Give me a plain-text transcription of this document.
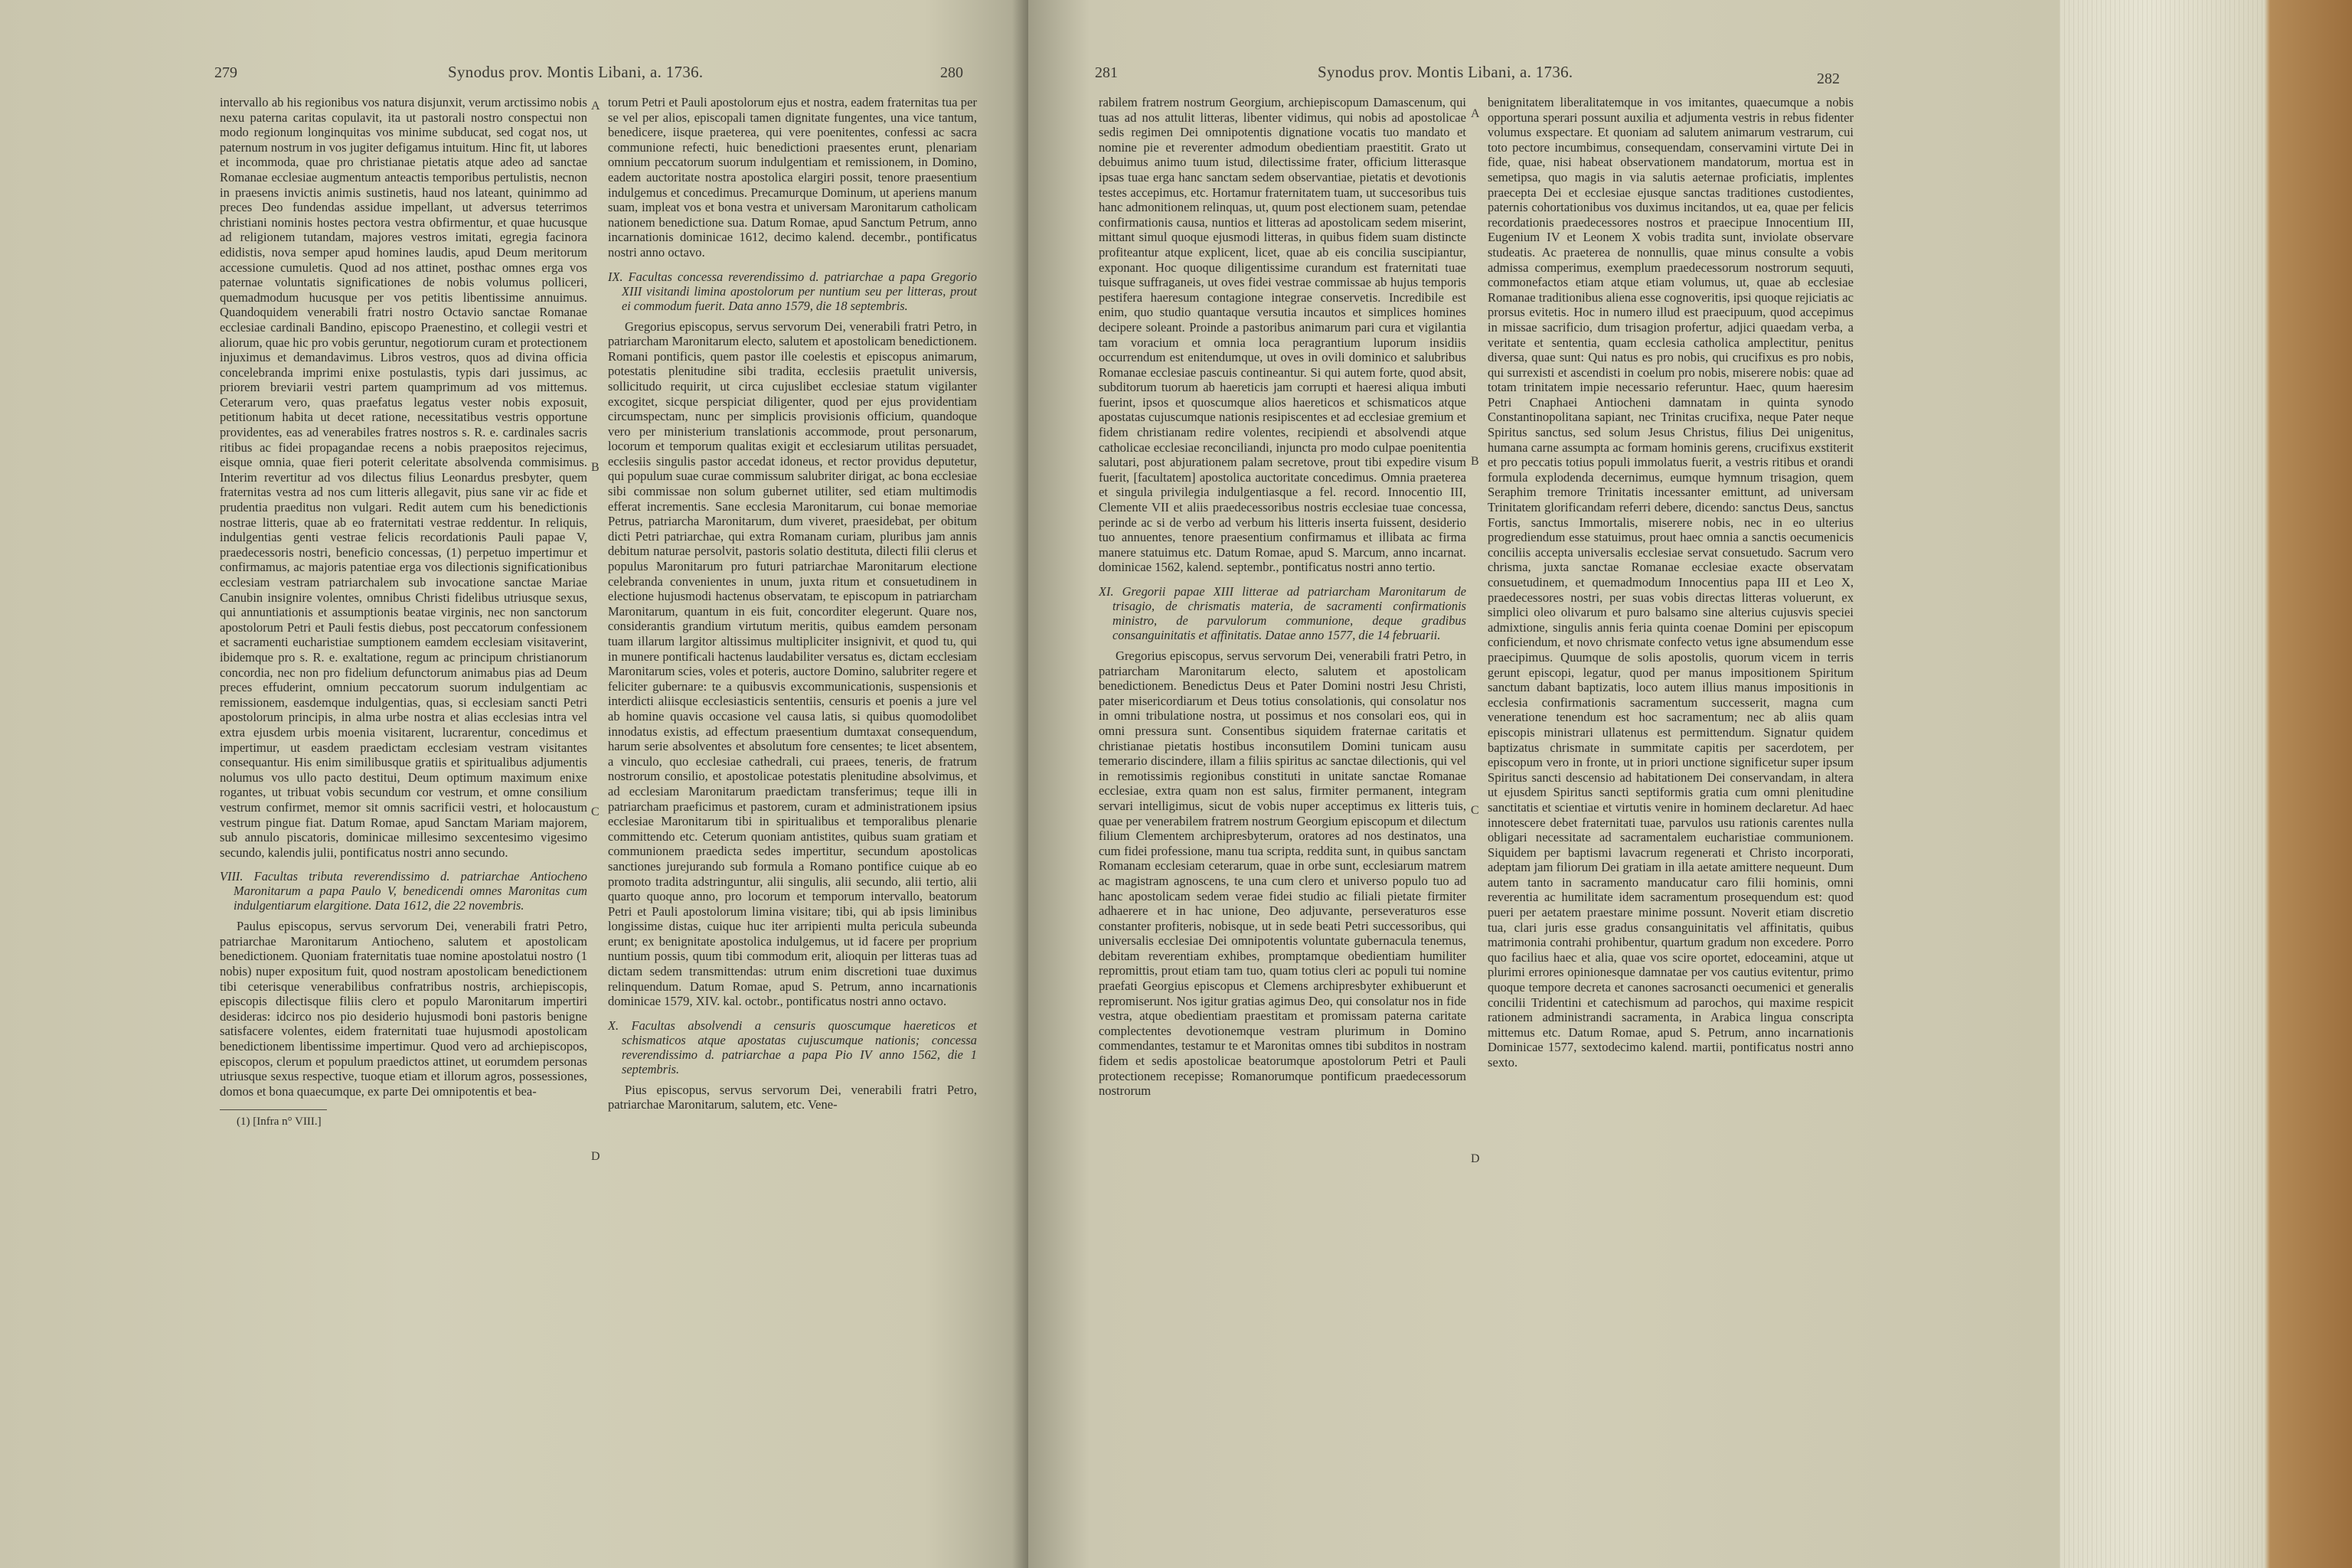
279	Synodus prov. Montis Libani, a. 1736.	280

intervallo ab his regionibus vos natura disjunxit, verum arctissimo nobis nexu paterna caritas copulavit, ita ut pastorali nostro conspectui non modo regionum longinquitas vos minime subducat, sed cogat nos, ut paternum nostrum in vos jugiter defigamus intuitum. Hinc fit, ut labores et incommoda, quae pro christianae pietatis atque adeo ad sanctae Romanae ecclesiae augmentum anteactis temporibus pertulistis, necnon in praesens invictis animis sustinetis, haud nos lateant, quinimmo ad preces Deo fundendas assidue impellant, ut adversus teterrimos christiani nominis hostes pectora vestra obfirmentur, et quae hucusque ad religionem tutandam, majores vestros imitati, egregia facinora edidistis, nova semper apud homines laudis, apud Deum meritorum accessione cumuletis. Quod ad nos attinet, posthac omnes erga vos paternae voluntatis significationes de nobis volumus polliceri, quemadmodum hucusque per vos petitis libentissime annuimus. Quandoquidem venerabili fratri nostro Octavio sanctae Romanae ecclesiae cardinali Bandino, episcopo Praenestino, et collegii vestri et aliorum, quae hic pro vobis geruntur, negotiorum curam et protectionem injuximus et demandavimus. Libros vestros, quos ad divina officia concelebranda imprimi enixe postulastis, typis dari jussimus, ac priorem breviarii vestri partem quamprimum ad vos mittemus. Ceterarum vero, quas praefatus legatus vester nobis exposuit, petitionum habita ut decet ratione, necessitatibus vestris opportune providentes, eas ad venerabiles fratres nostros s. R. e. cardinales sacris ritibus ac fidei propagandae recens a nobis praepositos rejecimus, eisque omnia, quae fieri poterit celeritate absolvenda commisimus. Interim revertitur ad vos dilectus filius Leonardus presbyter, quem fraternitas vestra ad nos cum litteris allegavit, pius sane vir ac fide et prudentia praeditus non vulgari. Redit autem cum his benedictionis nostrae litteris, quae ab eo fraternitati vestrae reddentur. In reliquis, indulgentias genti vestrae felicis recordationis Pauli papae V, praedecessoris nostri, beneficio concessas, (1) perpetuo impertimur et confirmamus, ac majoris patentiae erga vos dilectionis significationibus ecclesiam vestram patriarchalem sub invocatione sanctae Mariae Canubin insignire volentes, omnibus Christi fidelibus utriusque sexus, qui annuntiationis et assumptionis beatae virginis, nec non sanctorum apostolorum Petri et Pauli festis diebus, post peccatorum confessionem et sacramenti eucharistiae sumptionem eamdem ecclesiam visitaverint, ibidemque pro s. R. e. exaltatione, regum ac principum christianorum concordia, nec non pro fidelium defunctorum animabus pias ad Deum preces effuderint, omnium peccatorum suorum indulgentiam ac remissionem, easdemque indulgentias, quas, si ecclesiam sancti Petri apostolorum principis, in alma urbe nostra et alias ecclesias intra vel extra ejusdem urbis moenia visitarent, lucrarentur, concedimus et impertimur, ut easdem praedictam ecclesiam vestram visitantes consequantur. His enim similibusque gratiis et spiritualibus adjumentis nolumus vos ullo pacto destitui, Deum optimum maximum enixe rogantes, ut tribuat vobis secundum cor vestrum, et omne consilium vestrum confirmet, memor sit omnis sacrificii vestri, et holocaustum vestrum pingue fiat. Datum Romae, apud Sanctam Mariam majorem, sub annulo piscatoris, dominicae millesimo sexcentesimo vigesimo secundo, kalendis julii, pontificatus nostri anno secundo.

VIII. Facultas tributa reverendissimo d. patriarchae Antiocheno Maronitarum a papa Paulo V, benedicendi omnes Maronitas cum indulgentiarum elargitione. Data 1612, die 22 novembris.

Paulus episcopus, servus servorum Dei, venerabili fratri Petro, patriarchae Maronitarum Antiocheno, salutem et apostolicam benedictionem. Quoniam fraternitatis tuae nomine apostolatui nostro (1 nobis) nuper expositum fuit, quod nostram apostolicam benedictionem tibi ceterisque venerabilibus confratribus nostris, archiepiscopis, episcopis dilectisque filiis clero et populo Maronitarum impertiri desideras: idcirco nos pio desiderio hujusmodi boni pastoris benigne satisfacere volentes, eidem fraternitati tuae hujusmodi apostolicam benedictionem libentissime impertimur. Quod vero ad archiepiscopos, episcopos, clerum et populum praedictos attinet, ut eorumdem personas utriusque sexus respective, tuoque etiam et illorum agros, possessiones, domos et bona quaecumque, ex parte Dei omnipotentis et bea-

(1) [Infra n° VIII.]

torum Petri et Pauli apostolorum ejus et nostra, eadem fraternitas tua per se vel per alios, episcopali tamen dignitate fungentes, una vice tantum, benedicere, iisque praeterea, qui vere poenitentes, confessi ac sacra communione refecti, huic benedictioni praesentes erunt, plenariam omnium peccatorum suorum indulgentiam et remissionem, in Domino, eadem auctoritate nostra apostolica elargiri possit, tenore praesentium indulgemus et concedimus. Precamurque Dominum, ut aperiens manum suam, impleat vos et bona vestra et universam Maronitarum catholicam nationem benedictione sua. Datum Romae, apud Sanctum Petrum, anno incarnationis dominicae 1612, decimo kalend. decembr., pontificatus nostri anno octavo.

IX. Facultas concessa reverendissimo d. patriarchae a papa Gregorio XIII visitandi limina apostolorum per nuntium seu per litteras, prout ei commodum fuerit. Data anno 1579, die 18 septembris.

Gregorius episcopus, servus servorum Dei, venerabili fratri Petro, in patriarcham Maronitarum electo, salutem et apostolicam benedictionem. Romani pontificis, quem pastor ille coelestis et episcopus animarum, potestatis plenitudine sibi tradita, ecclesiis praetulit universis, sollicitudo requirit, ut circa cujuslibet ecclesiae statum vigilanter excogitet, sicque perspiciat diligenter, quod per ejus providentiam circumspectam, nunc per simplicis provisionis officium, quandoque vero per ministerium translationis accommode, prout personarum, locorum et temporum qualitas exigit et ecclesiarum utilitas persuadet, ecclesiis singulis pastor accedat idoneus, et rector providus deputetur, qui populum suae curae commissum salubriter dirigat, ac bona ecclesiae sibi commissae non solum gubernet utiliter, sed etiam multimodis efferat incrementis. Sane ecclesia Maronitarum, cui bonae memoriae Petrus, patriarcha Maronitarum, dum viveret, praesidebat, per obitum dicti Petri patriarchae, qui extra Romanam curiam, pluribus jam annis debitum naturae persolvit, pastoris solatio destituta, dilecti filii clerus et populus Maronitarum pro futuri patriarchae Maronitarum electione celebranda convenientes in unum, juxta ritum et consuetudinem in electione hujusmodi hactenus observatam, te episcopum in patriarcham Maronitarum, quantum in eis fuit, concorditer elegerunt. Quare nos, considerantis grandium virtutum meritis, quibus eamdem personam tuam illarum largitor altissimus multipliciter insignivit, et quod tu, qui in munere pontificali hactenus laudabiliter versatus es, dictam ecclesiam Maronitarum scies, voles et poteris, auctore Domino, salubriter regere et feliciter gubernare: te a quibusvis excommunicationis, suspensionis et interdicti aliisque ecclesiasticis sententiis, censuris et poenis a jure vel ab homine quavis occasione vel causa latis, si quibus quomodolibet innodatus existis, ad effectum praesentium dumtaxat consequendum, harum serie absolventes et absolutum fore censentes; te licet absentem, a vinculo, quo ecclesiae cathedrali, cui praees, teneris, de fratrum nostrorum consilio, et apostolicae potestatis plenitudine absolvimus, et ad ecclesiam Maronitarum praedictam transferimus; teque illi in patriarcham praeficimus et pastorem, curam et administrationem ipsius ecclesiae Maronitarum tibi in spiritualibus et temporalibus plenarie committendo etc. Ceterum quoniam antistites, quibus suam gratiam et communionem praedicta sedes impertitur, secundum apostolicas sanctiones jurejurando sub formula a Romano pontifice cuique ab eo promoto tradita adstringuntur, alii singulis, alii secundo, alii tertio, alii quarto quoque anno, pro locorum et temporum intervallo, beatorum Petri et Pauli apostolorum limina visitare; tibi, qui ab ipsis liminibus longissime distas, cuique huc iter arripienti multa pericula subeunda erunt; ex benignitate apostolica indulgemus, ut id facere per proprium nuntium possis, quum tibi commodum erit, alioquin per litteras tuas ad dictam sedem transmittendas: utrum enim discretioni tuae duximus relinquendum. Datum Romae, apud S. Petrum, anno incarnationis dominicae 1579, XIV. kal. octobr., pontificatus nostri anno octavo.

X. Facultas absolvendi a censuris quoscumque haereticos et schismaticos atque apostatas cujuscumque nationis; concessa reverendissimo d. patriarchae a papa Pio IV anno 1562, die 1 septembris.

Pius episcopus, servus servorum Dei, venerabili fratri Petro, patriarchae Maronitarum, salutem, etc. Vene-

A
B
C
D
281	Synodus prov. Montis Libani, a. 1736.	282

rabilem fratrem nostrum Georgium, archiepiscopum Damascenum, qui tuas ad nos attulit litteras, libenter vidimus, qui nobis ad apostolicae sedis regimen Dei omnipotentis dignatione vocatis tuo mandato et nomine pie et reverenter admodum obedientiam praestitit. Grato ut debuimus animo tuum istud, dilectissime frater, officium litterasque ipsas tuae erga hanc sanctam sedem observantiae, pietatis et devotionis testes accepimus, etc. Hortamur fraternitatem tuam, ut succesoribus tuis hanc admonitionem relinquas, ut, quum post electionem suam, petendae confirmationis causa, nuntios et litteras ad apostolicam sedem miserint, mittant simul quoque ejusmodi litteras, in quibus fidem suam distincte profiteantur atque explicent, licet, quae ab eis concilia suscipiantur, exponant. Hoc quoque diligentissime curandum est fraternitati tuae tuisque suffraganeis, ut oves fidei vestrae commissae ab hujus temporis pestifera haeresum contagione integrae conservetis. Incredibile est enim, quo studio quantaque versutia incautos et simplices homines decipere soleant. Proinde a pastoribus animarum pari cura et vigilantia tam voracium et omnia loca peragrantium luporum insidiis occurrendum est enitendumque, ut oves in ovili dominico et salubribus Romanae ecclesiae pascuis contineantur. Si qui autem forte, quod absit, subditorum tuorum ab haereticis jam corrupti et haeresi aliqua imbuti fuerint, ipsos et quoscumque alios haereticos et schismaticos atque apostatas cujuscumque nationis resipiscentes et ad ecclesiae gremium et fidem christianam redire volentes, recipiendi et absolvendi atque catholicae ecclesiae reconciliandi, injuncta pro modo culpae poenitentia salutari, post abjurationem palam secretove, prout tibi expedire visum fuerit, [facultatem] apostolica auctoritate concedimus. Omnia praeterea et singula privilegia indulgentiasque a fel. record. Innocentio III, Clemente VII et aliis praedecessoribus nostris ecclesiae tuae concessa, perinde ac si de verbo ad verbum his litteris inserta fuissent, desiderio tuo annuentes, tenore praesentium confirmamus et illibata ac firma manere statuimus etc. Datum Romae, apud S. Marcum, anno incarnat. dominicae 1562, kalend. septembr., pontificatus nostri anno tertio.

XI. Gregorii papae XIII litterae ad patriarcham Maronitarum de trisagio, de chrismatis materia, de sacramenti confirmationis ministro, de parvulorum communione, deque gradibus consanguinitatis et affinitatis. Datae anno 1577, die 14 februarii.

Gregorius episcopus, servus servorum Dei, venerabili fratri Petro, in patriarcham Maronitarum electo, salutem et apostolicam benedictionem. Benedictus Deus et Pater Domini nostri Jesu Christi, pater misericordiarum et Deus totius consolationis, qui consolatur nos in omni tribulatione nostra, ut possimus et nos consolari eos, qui in omni pressura sunt. Consentibus siquidem fraternae caritatis et christianae pietatis hostibus inconsutilem Domini tunicam ausu temerario discindere, illam a filiis spiritus ac sanctae dilectionis, qui vel in remotissimis regionibus constituti in unitate sanctae Romanae ecclesiae, extra quam non est salus, firmiter permanent, integram servari intelligimus, sicut de vobis nuper acceptimus ex litteris tuis, quae per venerabilem fratrem nostrum Georgium episcopum et dilectum filium Clementem archipresbyterum, oratores ad nos destinatos, una cum fidei professione, manu tua scripta, reddita sunt, in quibus sanctam Romanam ecclesiam ceterarum, quae in orbe sunt, ecclesiarum matrem ac magistram agnoscens, te una cum clero et universo populo tuo ad hanc apostolicam sedem verae fidei studio ac filiali pietate firmiter adhaerere et in hac unione, Deo adjuvante, perseveraturos esse constanter profiteris, nobisque, ut in sede beati Petri successoribus, qui universalis ecclesiae Dei omnipotentis voluntate gubernacula tenemus, debitam reverentiam exhibes, promptamque obedientiam humiliter repromittis, prout etiam tam tuo, quam totius cleri ac populi tui nomine praefati Georgius episcopus et Clemens archipresbyter exhibuerunt et repromiserunt. Nos igitur gratias agimus Deo, qui consolatur nos in fide vestra, atque obedientiam praestitam et promissam paterna caritate complectentes devotionemque vestram plurimum in Domino commendantes, testamur te et Maronitas omnes tibi subditos in nostram fidem et sedis apostolicae beatorumque apostolorum Petri et Pauli protectionem recepisse; Romanorumque pontificum praedecessorum nostrorum

benignitatem liberalitatemque in vos imitantes, quaecumque a nobis opportuna sperari possunt auxilia et adjumenta vestris in rebus fidenter volumus exspectare. Et quoniam ad salutem animarum vestrarum, cui toto pectore incumbimus, consequendam, conservamini virtute Dei in fide, quae, nisi habeat observationem mandatorum, mortua est in semetipsa, quo magis in via salutis aeternae proficiatis, implentes praecepta Dei et ecclesiae ejusque sanctas traditiones custodientes, paternis cohortationibus vos duximus incitandos, ut ea, quae per felicis recordationis praedecessores nostros et praecipue Innocentium III, Eugenium IV et Leonem X vobis tradita sunt, inviolate observare studeatis. Ac praeterea de nonnullis, quae minus consulte a vobis admissa comperimus, exemplum praedecessorum nostrorum sequuti, commonefactos etiam atque etiam volumus, ut, quae ab ecclesiae Romanae traditionibus aliena esse cognoveritis, ipsi quoque rejiciatis ac prorsus evitetis. Hoc in numero illud est praecipuum, quod accepimus in missae sacrificio, dum trisagion profertur, adjici quaedam verba, a veritate et sententia, quam ecclesia catholica amplectitur, penitus diversa, quae sunt: Qui natus es pro nobis, qui crucifixus es pro nobis, qui surrexisti et ascendisti in coelum pro nobis, miserere nobis: quae ad totam trinitatem impie necessario referuntur. Haec, quum haeresim Petri Cnaphaei Antiocheni damnatam in quinta synodo Constantinopolitana sapiant, nec Trinitas crucifixa, neque Pater neque Spiritus sanctus, sed solum Jesus Christus, filius Dei unigenitus, humana carne assumpta ac formam hominis gerens, crucifixus exstiterit et pro peccatis totius populi immolatus fuerit, a vestris ritibus et orandi formula explodenda decernimus, eumque hymnum trisagion, quem Seraphim tremore Trinitatis incessanter emittunt, ad universam Trinitatem glorificandam referri debere, dicendo: sanctus Deus, sanctus Fortis, sanctus Immortalis, miserere nobis, nec in eo ulterius progrediendum esse statuimus, prout haec omnia a sanctis oecumenicis conciliis accepta universalis ecclesiae servat consuetudo. Sacrum vero chrisma, juxta sanctae Romanae ecclesiae exacte observatam consuetudinem, et quemadmodum Innocentius papa III et Leo X, praedecessores nostri, per suas vobis directas litteras voluerunt, ex simplici oleo olivarum et puro balsamo sine alterius cujusvis speciei admixtione, singulis annis feria quinta coenae Domini per episcopum conficiendum, et novo chrismate confecto vetus igne absumendum esse praecipimus. Quumque de solis apostolis, quorum vicem in terris gerunt episcopi, legatur, quod per manus impositionem Spiritum sanctum dabant baptizatis, loco autem illius manus impositionis in ecclesia confirmationis sacramentum successerit, magna cum veneratione tenendum est hoc sacramentum; nec ab aliis quam episcopis ministrari ullatenus est permittendum. Signatur quidem baptizatus chrismate in summitate capitis per sacerdotem, per episcopum vero in fronte, ut in priori unctione significetur super ipsum Spiritus sancti descensio ad habitationem Dei conservandam, in altera ut ejusdem Spiritus sancti septiformis gratia cum omni plenitudine sanctitatis et scientiae et virtutis venire in hominem declaretur. Ad haec innotescere debet fraternitati tuae, parvulos usu rationis carentes nulla obligari necessitate ad sacramentalem eucharistiae communionem. Siquidem per baptismi lavacrum regenerati et Christo incorporati, adeptam jam filiorum Dei gratiam in illa aetate amittere nequeunt. Dum autem tanto in sacramento manducatur caro filii hominis, omni reverentia ac humilitate idem sacramentum prosequendum est: quod pueri per aetatem praestare minime possunt. Noverit etiam discretio tua, clari juris esse gradus consanguinitatis vel affinitatis, quibus matrimonia contrahi prohibentur, quartum gradum non excedere. Porro quo facilius haec et alia, quae vos scire oportet, edoceamini, atque ut plurimi errores opinionesque damnatae per vos cautius evitentur, primo quoque tempore decreta et canones sacrosancti oecumenici et generalis concilii Tridentini et catechismum ad parochos, qui maxime respicit rationem administrandi sacramenta, in Arabica lingua conscripta mittemus etc. Datum Romae, apud S. Petrum, anno incarnationis Dominicae 1577, sextodecimo kalend. martii, pontificatus nostri anno sexto.

A
B
C
D
